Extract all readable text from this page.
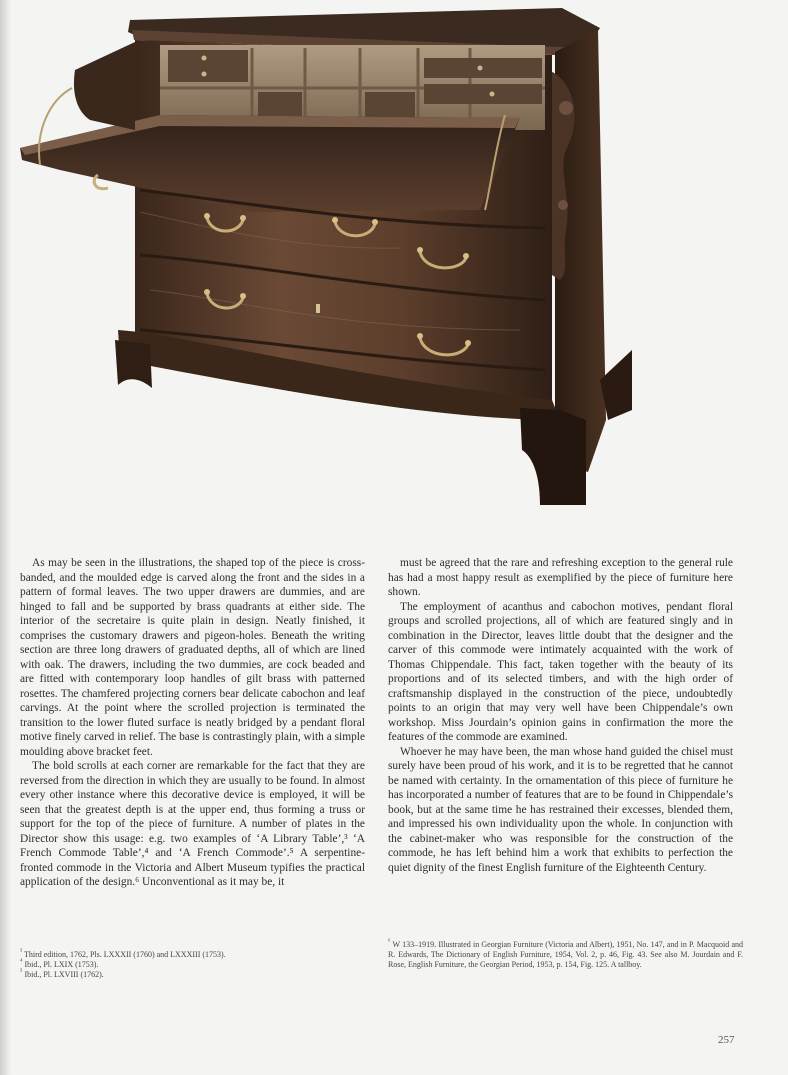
As may be seen in the illustrations, the shaped top of the piece is cross-banded, and the moulded edge is carved along the front and the sides in a pattern of formal leaves. The two upper drawers are dummies, and are hinged to fall and be supported by brass quadrants at either side. The interior of the secretaire is quite plain in design. Neatly finished, it comprises the customary drawers and pigeon-holes. Beneath the writing section are three long drawers of graduated depths, all of which are lined with oak. The drawers, including the two dummies, are cock beaded and are fitted with contemporary loop handles of gilt brass with patterned rosettes. The chamfered projecting corners bear delicate cabochon and leaf carvings. At the point where the scrolled projection is terminated the transition to the lower fluted surface is neatly bridged by a pendant floral motive finely carved in relief. The base is contrastingly plain, with a simple moulding above bracket feet.

The bold scrolls at each corner are remarkable for the fact that they are reversed from the direction in which they are usually to be found. In almost every other instance where this decorative device is employed, it will be seen that the greatest depth is at the upper end, thus forming a truss or support for the top of the piece of furniture. A number of plates in the Director show this usage: e.g. two examples of ‘A Library Table’,³ ‘A French Commode Table’,⁴ and ‘A French Commode’.⁵ A serpentine-fronted commode in the Victoria and Albert Museum typifies the practical application of the design.⁶ Unconventional as it may be, it

must be agreed that the rare and refreshing exception to the general rule has had a most happy result as exemplified by the piece of furniture here shown.

The employment of acanthus and cabochon motives, pendant floral groups and scrolled projections, all of which are featured singly and in combination in the Director, leaves little doubt that the designer and the carver of this commode were intimately acquainted with the work of Thomas Chippendale. This fact, taken together with the beauty of its proportions and of its selected timbers, and with the high order of craftsmanship displayed in the construction of the piece, undoubtedly points to an origin that may very well have been Chippendale’s own workshop. Miss Jourdain’s opinion gains in confirmation the more the features of the commode are examined.

Whoever he may have been, the man whose hand guided the chisel must surely have been proud of his work, and it is to be regretted that he cannot be named with certainty. In the ornamentation of this piece of furniture he has incorporated a number of features that are to be found in Chippendale’s book, but at the same time he has restrained their excesses, blended them, and impressed his own individuality upon the whole. In conjunction with the cabinet-maker who was responsible for the construction of the commode, he has left behind him a work that exhibits to perfection the quiet dignity of the finest English furniture of the Eighteenth Century.

³ Third edition, 1762, Pls. LXXXII (1760) and LXXXIII (1753).

⁴ Ibid., Pl. LXIX (1753).

⁵ Ibid., Pl. LXVIII (1762).

⁶ W 133–1919. Illustrated in Georgian Furniture (Victoria and Albert), 1951, No. 147, and in P. Macquoid and R. Edwards, The Dictionary of English Furniture, 1954, Vol. 2, p. 46, Fig. 43. See also M. Jourdain and F. Rose, English Furniture, the Georgian Period, 1953, p. 154, Fig. 125. A tallboy.

257
